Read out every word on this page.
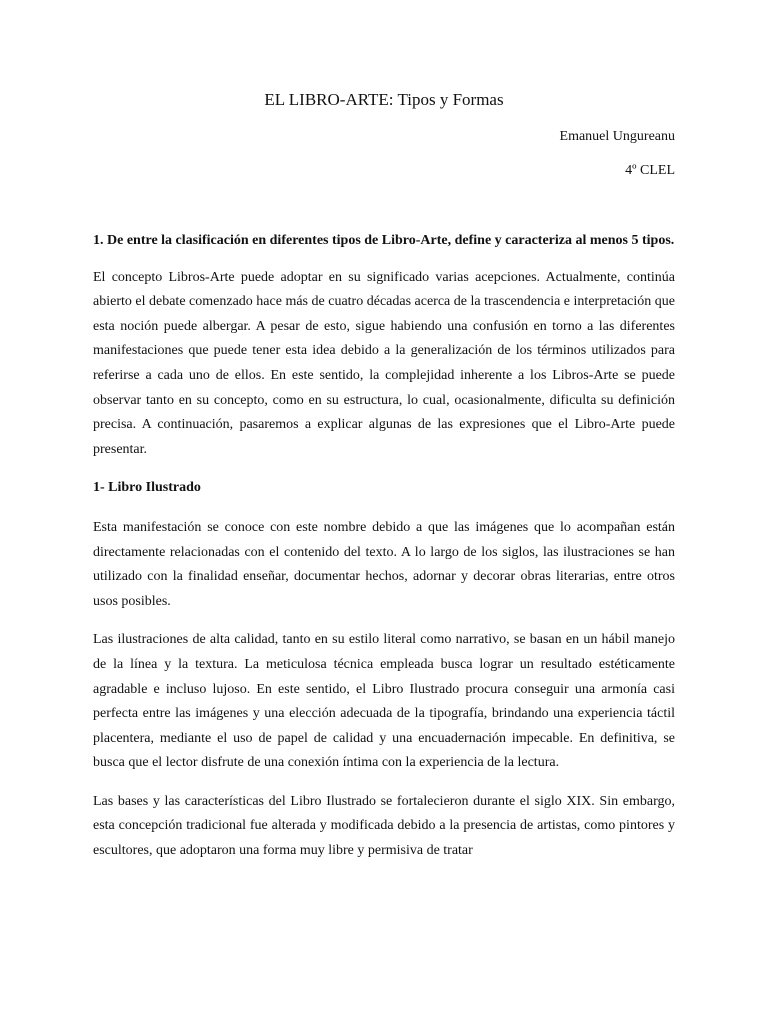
EL LIBRO-ARTE: Tipos y Formas
Emanuel Ungureanu
4º CLEL

1. De entre la clasificación en diferentes tipos de Libro-Arte, define y caracteriza al menos 5 tipos.

El concepto Libros-Arte puede adoptar en su significado varias acepciones. Actualmente, continúa abierto el debate comenzado hace más de cuatro décadas acerca de la trascendencia e interpretación que esta noción puede albergar. A pesar de esto, sigue habiendo una confusión en torno a las diferentes manifestaciones que puede tener esta idea debido a la generalización de los términos utilizados para referirse a cada uno de ellos. En este sentido, la complejidad inherente a los Libros-Arte se puede observar tanto en su concepto, como en su estructura, lo cual, ocasionalmente, dificulta su definición precisa. A continuación, pasaremos a explicar algunas de las expresiones que el Libro-Arte puede presentar.

1- Libro Ilustrado

Esta manifestación se conoce con este nombre debido a que las imágenes que lo acompañan están directamente relacionadas con el contenido del texto. A lo largo de los siglos, las ilustraciones se han utilizado con la finalidad enseñar, documentar hechos, adornar y decorar obras literarias, entre otros usos posibles.

Las ilustraciones de alta calidad, tanto en su estilo literal como narrativo, se basan en un hábil manejo de la línea y la textura. La meticulosa técnica empleada busca lograr un resultado estéticamente agradable e incluso lujoso. En este sentido, el Libro Ilustrado procura conseguir una armonía casi perfecta entre las imágenes y una elección adecuada de la tipografía, brindando una experiencia táctil placentera, mediante el uso de papel de calidad y una encuadernación impecable. En definitiva, se busca que el lector disfrute de una conexión íntima con la experiencia de la lectura.

Las bases y las características del Libro Ilustrado se fortalecieron durante el siglo XIX. Sin embargo, esta concepción tradicional fue alterada y modificada debido a la presencia de artistas, como pintores y escultores, que adoptaron una forma muy libre y permisiva de tratar
